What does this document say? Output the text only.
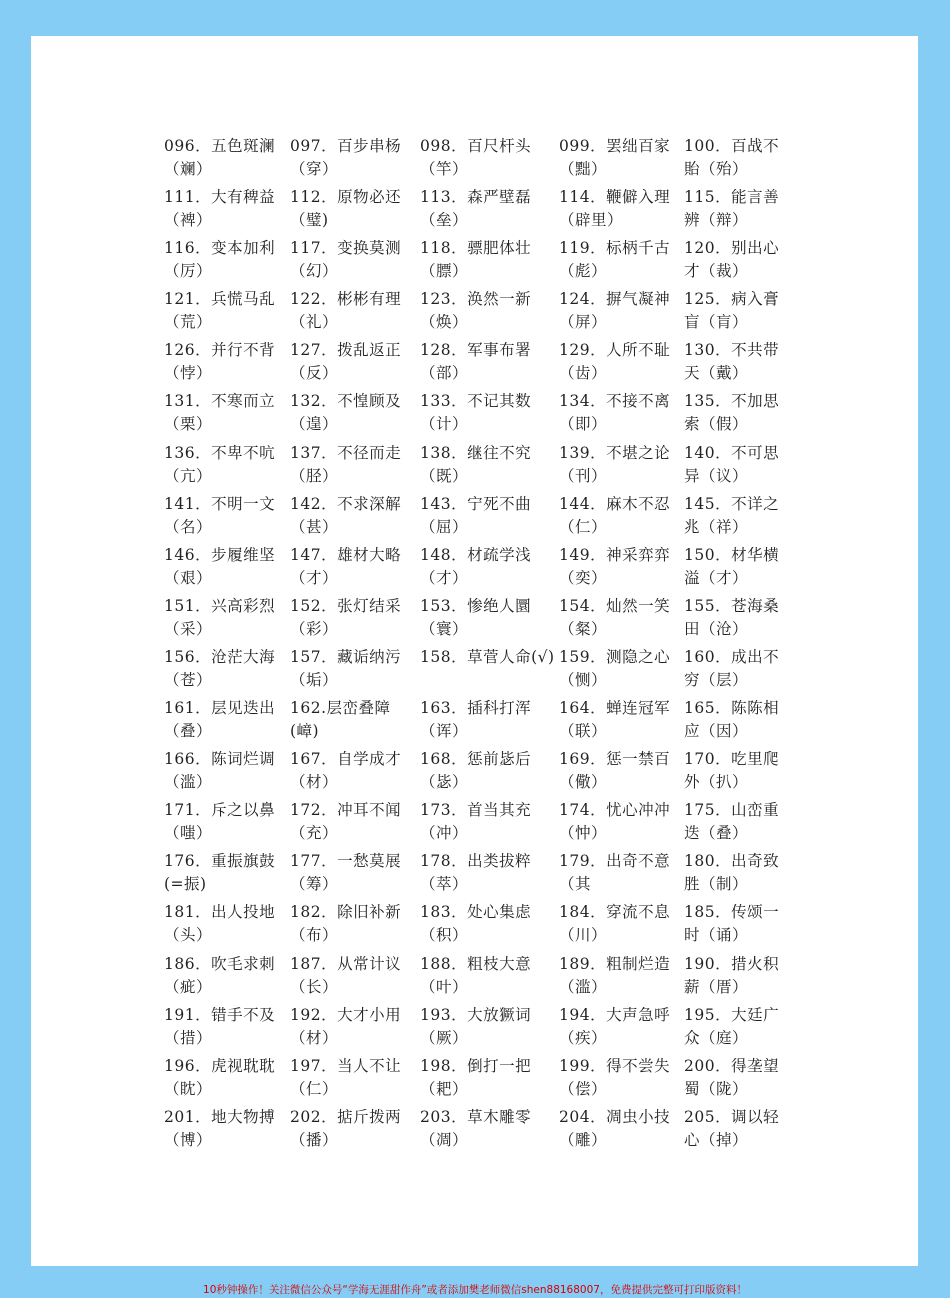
096．五色斑澜
（斓）
097．百步串杨
（穿）
098．百尺杆头
（竿）
099．罢绌百家
（黜）
100．百战不
貽（殆）
111．大有稗益
（裨）
112．原物必还
（璧)
113．森严壁磊
（垒）
114．鞭僻入理
（辟里）
115．能言善
辨（辩）
116．变本加利
（厉）
117．变换莫测
（幻）
118．骠肥体壮
（膘）
119．标柄千古
（彪）
120．别出心
才（裁）
121．兵慌马乱
（荒）
122．彬彬有理
（礼）
123．涣然一新
（焕）
124．摒气凝神
（屏）
125．病入膏
盲（肓）
126．并行不背
（悖）
127．拨乱返正
（反）
128．军事布署
（部）
129．人所不耻
（齿）
130．不共带
天（戴）
131．不寒而立
（栗）
132．不惶顾及
（遑）
133．不记其数
（计）
134．不接不离
（即）
135．不加思
索（假）
136．不卑不吭
（亢）
137．不径而走
（胫）
138．继往不究
（既）
139．不堪之论
（刊）
140．不可思
异（议）
141．不明一文
（名）
142．不求深解
（甚）
143．宁死不曲
（屈）
144．麻木不忍
（仁）
145．不详之
兆（祥）
146．步履维坚
（艰）
147．雄材大略
（才）
148．材疏学浅
（才）
149．神采弈弈
（奕）
150．材华横
溢（才）
151．兴高彩烈
（采）
152．张灯结采
（彩）
153．惨绝人圜
（寰）
154．灿然一笑
（粲）
155．苍海桑
田（沧）
156．沧茫大海
（苍）
157．藏诟纳污
（垢）
158．草菅人命(√) 159．测隐之心
（恻）
160．成出不
穷（层）
161．层见迭出
（叠）
162.层峦叠障
(嶂)
163．插科打浑
（诨）
164．蝉连冠军
（联）
165．陈陈相
应（因）
166．陈词烂调
（滥）
167．自学成才
（材）
168．惩前毖后
（毖）
169．惩一禁百
（儆）
170．吃里爬
外（扒）
171．斥之以鼻
（嗤）
172．冲耳不闻
（充）
173．首当其充
（冲）
174．忧心冲冲
（忡）
175．山峦重
迭（叠）
176．重振旗鼓
(=振)
177．一愁莫展
（筹）
178．出类拔粹
（萃）
179．出奇不意
（其
180．出奇致
胜（制）
181．出人投地
（头）
182．除旧补新
（布）
183．处心集虑
（积）
184．穿流不息
（川）
185．传颂一
时（诵）
186．吹毛求刺
（疵）
187．从常计议
（长）
188．粗枝大意
（叶）
189．粗制烂造
（滥）
190．措火积
薪（厝）
191．错手不及
（措）
192．大才小用
（材）
193．大放獗词
（厥）
194．大声急呼
（疾）
195．大廷广
众（庭）
196．虎视耽耽
（眈）
197．当人不让
（仁）
198．倒打一把
（耙）
199．得不尝失
（偿）
200．得垄望
蜀（陇）
201．地大物搏
（博）
202．掂斤拨两
（播）
203．草木雕零
（凋）
204．凋虫小技
（雕）
205．调以轻
心（掉）
10秒钟操作！关注微信公众号“学海无涯甜作舟”或者添加樊老师微信shen88168007，免费提供完整可打印版资料！
